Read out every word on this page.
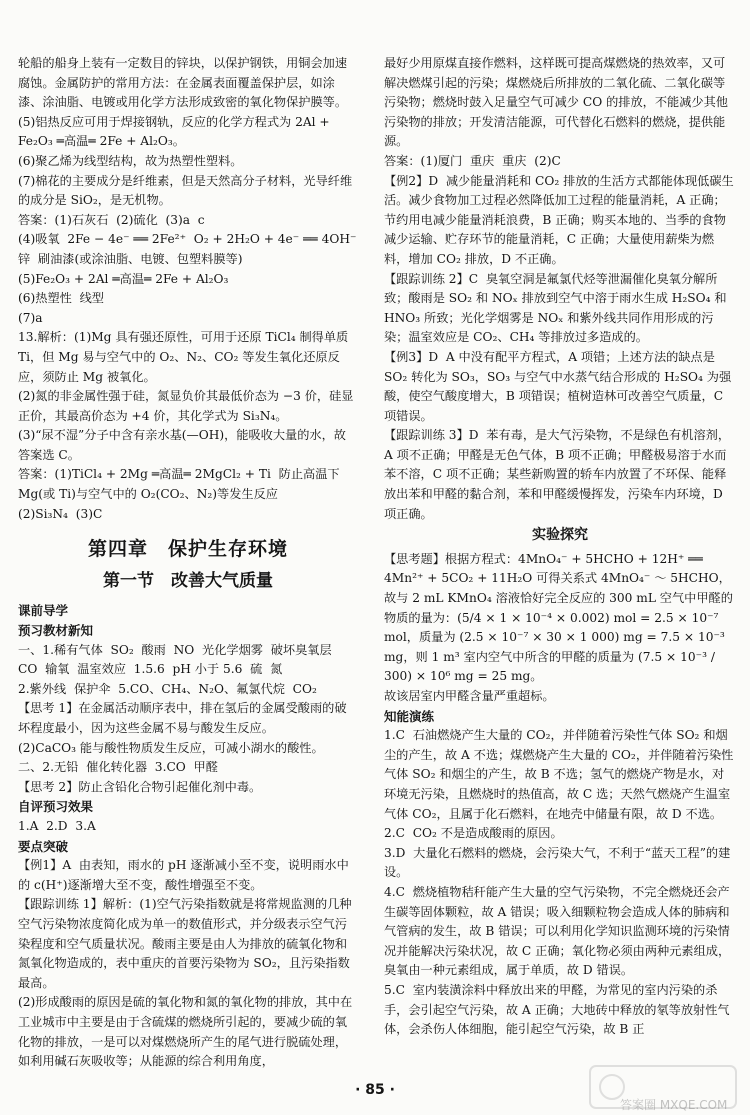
轮船的船身上装有一定数目的锌块，以保护钢铁，用铜会加速腐蚀。金属防护的常用方法：在金属表面覆盖保护层，如涂漆、涂油脂、电镀或用化学方法形成致密的氧化物保护膜等。

(5)铝热反应可用于焊接钢轨，反应的化学方程式为 2Al + Fe₂O₃ ═高温═ 2Fe + Al₂O₃。

(6)聚乙烯为线型结构，故为热塑性塑料。

(7)棉花的主要成分是纤维素，但是天然高分子材料，光导纤维的成分是 SiO₂，是无机物。

答案：(1)石灰石  (2)硫化  (3)a  c

(4)吸氧  2Fe − 4e⁻ ══ 2Fe²⁺  O₂ + 2H₂O + 4e⁻ ══ 4OH⁻  锌  刷油漆(或涂油脂、电镀、包塑料膜等)

(5)Fe₂O₃ + 2Al ═高温═ 2Fe + Al₂O₃

(6)热塑性  线型

(7)a

13.解析：(1)Mg 具有强还原性，可用于还原 TiCl₄ 制得单质 Ti，但 Mg 易与空气中的 O₂、N₂、CO₂ 等发生氧化还原反应，须防止 Mg 被氧化。

(2)氮的非金属性强于硅，氮显负价其最低价态为 −3 价，硅显正价，其最高价态为 +4 价，其化学式为 Si₃N₄。

(3)“尿不湿”分子中含有亲水基(—OH)，能吸收大量的水，故答案选 C。

答案：(1)TiCl₄ + 2Mg ═高温═ 2MgCl₂ + Ti  防止高温下 Mg(或 Ti)与空气中的 O₂(CO₂、N₂)等发生反应

(2)Si₃N₄  (3)C

第四章　保护生存环境
第一节　改善大气质量

课前导学

预习教材新知

一、1.稀有气体  SO₂  酸雨  NO  光化学烟雾  破坏臭氧层  CO  输氧  温室效应  1.5.6  pH 小于 5.6  硫  氮

2.紫外线  保护伞  5.CO、CH₄、N₂O、氟氯代烷  CO₂

【思考 1】在金属活动顺序表中，排在氢后的金属受酸雨的破坏程度最小，因为这些金属不易与酸发生反应。

(2)CaCO₃ 能与酸性物质发生反应，可减小湖水的酸性。

二、2.无铅  催化转化器  3.CO  甲醛

【思考 2】防止含铅化合物引起催化剂中毒。

自评预习效果

1.A  2.D  3.A

要点突破

【例1】A  由表知，雨水的 pH 逐渐减小至不变，说明雨水中的 c(H⁺)逐渐增大至不变，酸性增强至不变。

【跟踪训练 1】解析：(1)空气污染指数就是将常规监测的几种空气污染物浓度简化成为单一的数值形式，并分级表示空气污染程度和空气质量状况。酸雨主要是由人为排放的硫氧化物和氮氧化物造成的，表中重庆的首要污染物为 SO₂，且污染指数最高。

(2)形成酸雨的原因是硫的氧化物和氮的氧化物的排放，其中在工业城市中主要是由于含硫煤的燃烧所引起的，要减少硫的氧化物的排放，一是可以对煤燃烧所产生的尾气进行脱硫处理，如利用碱石灰吸收等；从能源的综合利用角度，

最好少用原煤直接作燃料，这样既可提高煤燃烧的热效率，又可解决燃煤引起的污染；煤燃烧后所排放的二氧化硫、二氧化碳等污染物；燃烧时鼓入足量空气可减少 CO 的排放，不能减少其他污染物的排放；开发清洁能源，可代替化石燃料的燃烧，提供能源。

答案：(1)厦门  重庆  重庆  (2)C

【例2】D  减少能量消耗和 CO₂ 排放的生活方式都能体现低碳生活。减少食物加工过程必然降低加工过程的能量消耗，A 正确；节约用电减少能量消耗浪费，B 正确；购买本地的、当季的食物减少运输、贮存环节的能量消耗，C 正确；大量使用薪柴为燃料，增加 CO₂ 排放，D 不正确。

【跟踪训练 2】C  臭氧空洞是氟氯代烃等泄漏催化臭氧分解所致；酸雨是 SO₂ 和 NOₓ 排放到空气中溶于雨水生成 H₂SO₄ 和 HNO₃ 所致；光化学烟雾是 NOₓ 和紫外线共同作用形成的污染；温室效应是 CO₂、CH₄ 等排放过多造成的。

【例3】D  A 中没有配平方程式，A 项错；上述方法的缺点是 SO₂ 转化为 SO₃，SO₃ 与空气中水蒸气结合形成的 H₂SO₄ 为强酸，使空气酸度增大，B 项错误；植树造林可改善空气质量，C 项错误。

【跟踪训练 3】D  苯有毒，是大气污染物，不是绿色有机溶剂，A 项不正确；甲醛是无色气体，B 项不正确；甲醛极易溶于水而苯不溶，C 项不正确；某些新购置的轿车内放置了不环保、能释放出苯和甲醛的黏合剂，苯和甲醛缓慢挥发，污染车内环境，D 项正确。

实验探究

【思考题】根据方程式：4MnO₄⁻ + 5HCHO + 12H⁺ ══ 4Mn²⁺ + 5CO₂ + 11H₂O 可得关系式 4MnO₄⁻ ～ 5HCHO，故与 2 mL KMnO₄ 溶液恰好完全反应的 300 mL 空气中甲醛的物质的量为：(5/4 × 1 × 10⁻⁴ × 0.002) mol = 2.5 × 10⁻⁷ mol，质量为 (2.5 × 10⁻⁷ × 30 × 1 000) mg = 7.5 × 10⁻³ mg，则 1 m³ 室内空气中所含的甲醛的质量为 (7.5 × 10⁻³ / 300) × 10⁶ mg = 25 mg。

故该居室内甲醛含量严重超标。

知能演练

1.C  石油燃烧产生大量的 CO₂，并伴随着污染性气体 SO₂ 和烟尘的产生，故 A 不选；煤燃烧产生大量的 CO₂，并伴随着污染性气体 SO₂ 和烟尘的产生，故 B 不选；氢气的燃烧产物是水，对环境无污染，且燃烧时的热值高，故 C 选；天然气燃烧产生温室气体 CO₂，且属于化石燃料，在地壳中储量有限，故 D 不选。

2.C  CO₂ 不是造成酸雨的原因。

3.D  大量化石燃料的燃烧，会污染大气，不利于“蓝天工程”的建设。

4.C  燃烧植物秸秆能产生大量的空气污染物，不完全燃烧还会产生碳等固体颗粒，故 A 错误；吸入细颗粒物会造成人体的肺病和气管病的发生，故 B 错误；可以利用化学知识监测环境的污染情况并能解决污染状况，故 C 正确；氧化物必须由两种元素组成，臭氧由一种元素组成，属于单质，故 D 错误。

5.C  室内装潢涂料中释放出来的甲醛，为常见的室内污染的杀手，会引起空气污染，故 A 正确；大地砖中释放的氡等放射性气体，会杀伤人体细胞，能引起空气污染，故 B 正

· 85 ·
答案圈 MXQE.COM
